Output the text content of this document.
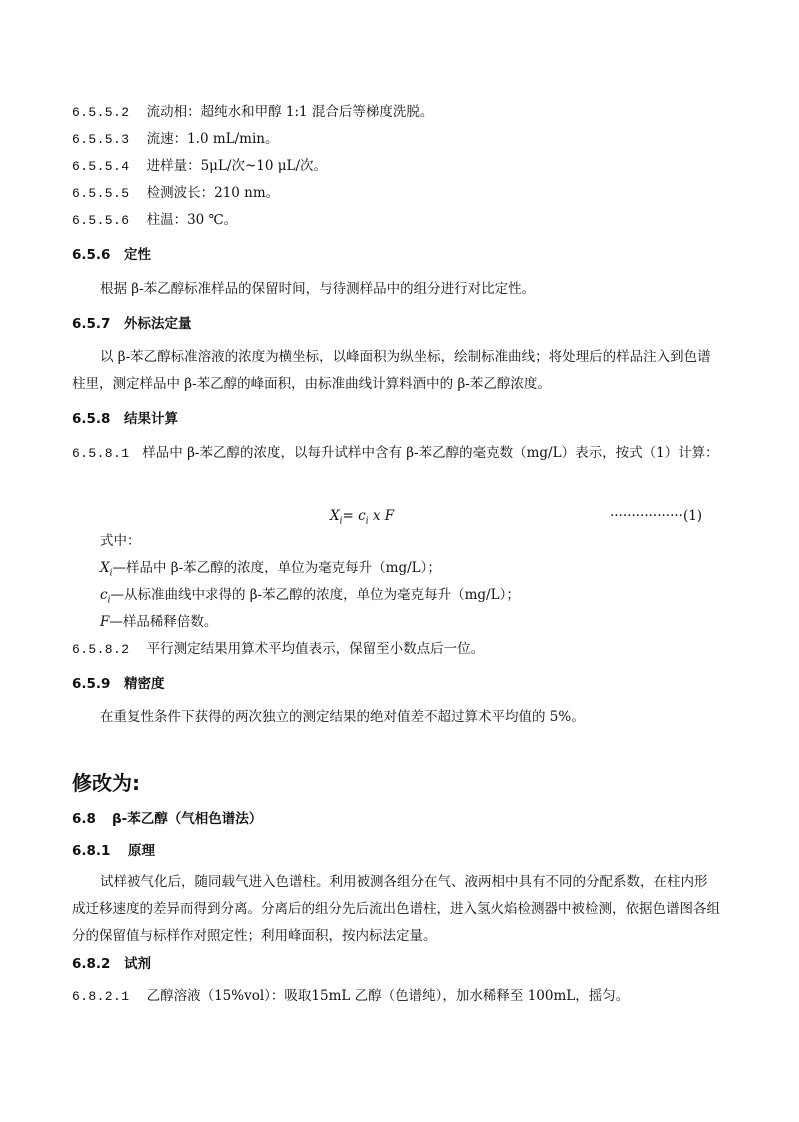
6.5.5.2 流动相：超纯水和甲醇 1:1 混合后等梯度洗脱。
6.5.5.3 流速：1.0 mL/min。
6.5.5.4 进样量：5μL/次~10 μL/次。
6.5.5.5 检测波长：210 nm。
6.5.5.6 柱温：30 ℃。
6.5.6 定性
根据 β-苯乙醇标准样品的保留时间，与待测样品中的组分进行对比定性。
6.5.7 外标法定量
以 β-苯乙醇标准溶液的浓度为横坐标，以峰面积为纵坐标，绘制标准曲线；将处理后的样品注入到色谱柱里，测定样品中 β-苯乙醇的峰面积，由标准曲线计算料酒中的 β-苯乙醇浓度。
6.5.8 结果计算
6.5.8.1 样品中 β-苯乙醇的浓度，以每升试样中含有 β-苯乙醇的毫克数（mg/L）表示，按式（1）计算：
$X_i= c_i$ x F	·················(1)
式中：
$X_i—$样品中 β-苯乙醇的浓度，单位为毫克每升（mg/L）；
$c_i—$从标准曲线中求得的 β-苯乙醇的浓度，单位为毫克每升（mg/L）；
F—样品稀释倍数。
6.5.8.2 平行测定结果用算术平均值表示，保留至小数点后一位。
6.5.9 精密度
在重复性条件下获得的两次独立的测定结果的绝对值差不超过算术平均值的 5%。
修改为:
6.8 β-苯乙醇（气相色谱法）
6.8.1 原理
试样被气化后，随同载气进入色谱柱。利用被测各组分在气、液两相中具有不同的分配系数，在柱内形成迁移速度的差异而得到分离。分离后的组分先后流出色谱柱，进入氢火焰检测器中被检测，依据色谱图各组分的保留值与标样作对照定性；利用峰面积，按内标法定量。
6.8.2 试剂
6.8.2.1 乙醇溶液（15%vol）：吸取15mL 乙醇（色谱纯），加水稀释至 100mL，摇匀。
